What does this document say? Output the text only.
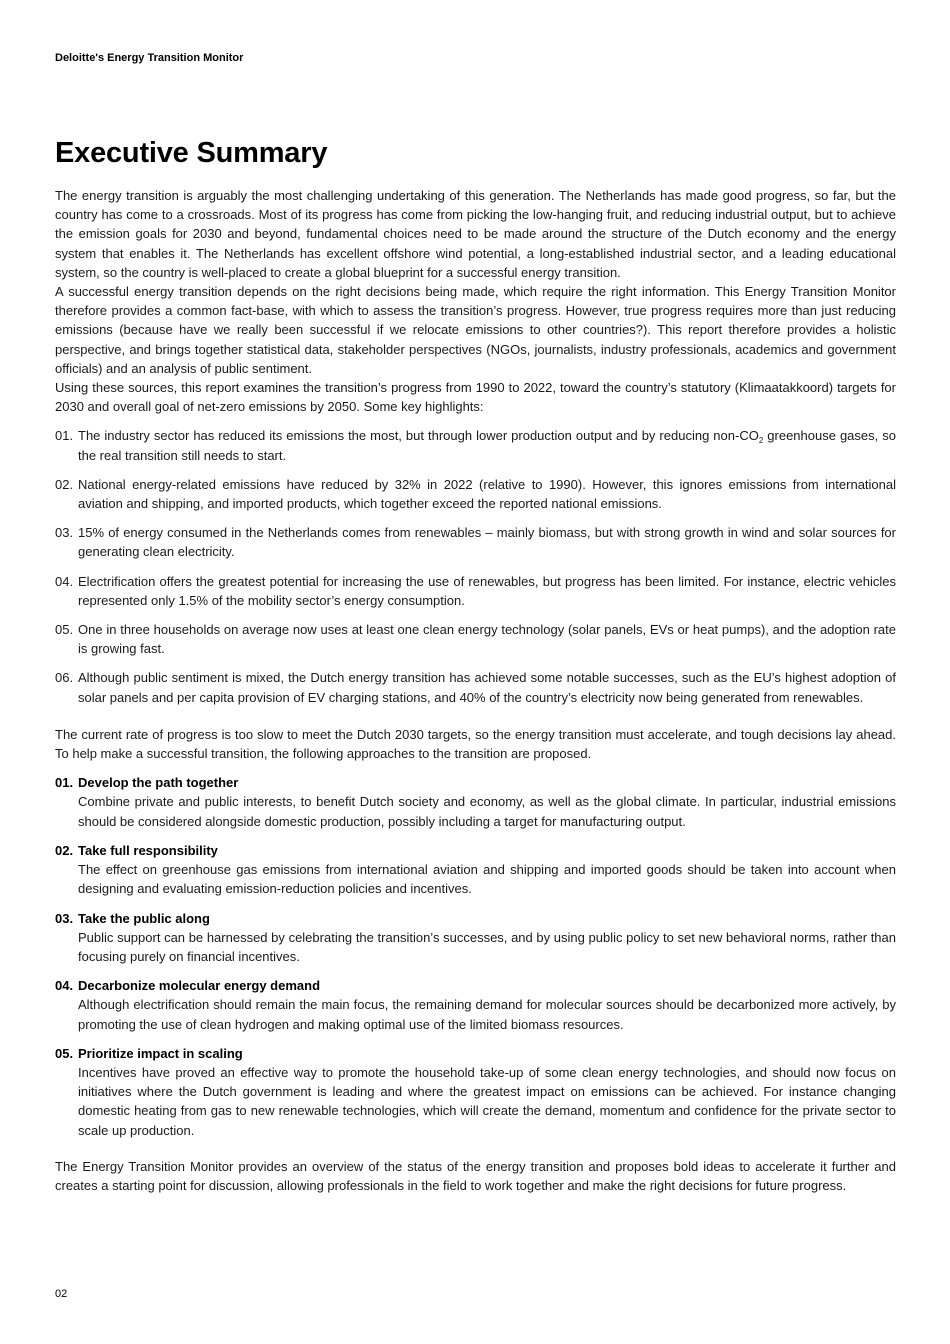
Deloitte's Energy Transition Monitor
Executive Summary

The energy transition is arguably the most challenging undertaking of this generation. The Netherlands has made good progress, so far, but the country has come to a crossroads. Most of its progress has come from picking the low-hanging fruit, and reducing industrial output, but to achieve the emission goals for 2030 and beyond, fundamental choices need to be made around the structure of the Dutch economy and the energy system that enables it. The Netherlands has excellent offshore wind potential, a long-established industrial sector, and a leading educational system, so the country is well-placed to create a global blueprint for a successful energy transition.

A successful energy transition depends on the right decisions being made, which require the right information. This Energy Transition Monitor therefore provides a common fact-base, with which to assess the transition’s progress. However, true progress requires more than just reducing emissions (because have we really been successful if we relocate emissions to other countries?). This report therefore provides a holistic perspective, and brings together statistical data, stakeholder perspectives (NGOs, journalists, industry professionals, academics and government officials) and an analysis of public sentiment.

Using these sources, this report examines the transition’s progress from 1990 to 2022, toward the country’s statutory (Klimaatakkoord) targets for 2030 and overall goal of net-zero emissions by 2050. Some key highlights:

01. The industry sector has reduced its emissions the most, but through lower production output and by reducing non-$CO_2$ greenhouse gases, so the real transition still needs to start.
02. National energy-related emissions have reduced by 32% in 2022 (relative to 1990). However, this ignores emissions from international aviation and shipping, and imported products, which together exceed the reported national emissions.
03. 15% of energy consumed in the Netherlands comes from renewables – mainly biomass, but with strong growth in wind and solar sources for generating clean electricity.
04. Electrification offers the greatest potential for increasing the use of renewables, but progress has been limited. For instance, electric vehicles represented only 1.5% of the mobility sector’s energy consumption.
05. One in three households on average now uses at least one clean energy technology (solar panels, EVs or heat pumps), and the adoption rate is growing fast.
06. Although public sentiment is mixed, the Dutch energy transition has achieved some notable successes, such as the EU’s highest adoption of solar panels and per capita provision of EV charging stations, and 40% of the country’s electricity now being generated from renewables.

The current rate of progress is too slow to meet the Dutch 2030 targets, so the energy transition must accelerate, and tough decisions lay ahead. To help make a successful transition, the following approaches to the transition are proposed.

01. Develop the path together
Combine private and public interests, to benefit Dutch society and economy, as well as the global climate. In particular, industrial emissions should be considered alongside domestic production, possibly including a target for manufacturing output.
02. Take full responsibility
The effect on greenhouse gas emissions from international aviation and shipping and imported goods should be taken into account when designing and evaluating emission-reduction policies and incentives.
03. Take the public along
Public support can be harnessed by celebrating the transition’s successes, and by using public policy to set new behavioral norms, rather than focusing purely on financial incentives.
04. Decarbonize molecular energy demand
Although electrification should remain the main focus, the remaining demand for molecular sources should be decarbonized more actively, by promoting the use of clean hydrogen and making optimal use of the limited biomass resources.
05. Prioritize impact in scaling
Incentives have proved an effective way to promote the household take-up of some clean energy technologies, and should now focus on initiatives where the Dutch government is leading and where the greatest impact on emissions can be achieved. For instance changing domestic heating from gas to new renewable technologies, which will create the demand, momentum and confidence for the private sector to scale up production.

The Energy Transition Monitor provides an overview of the status of the energy transition and proposes bold ideas to accelerate it further and creates a starting point for discussion, allowing professionals in the field to work together and make the right decisions for future progress.

02
